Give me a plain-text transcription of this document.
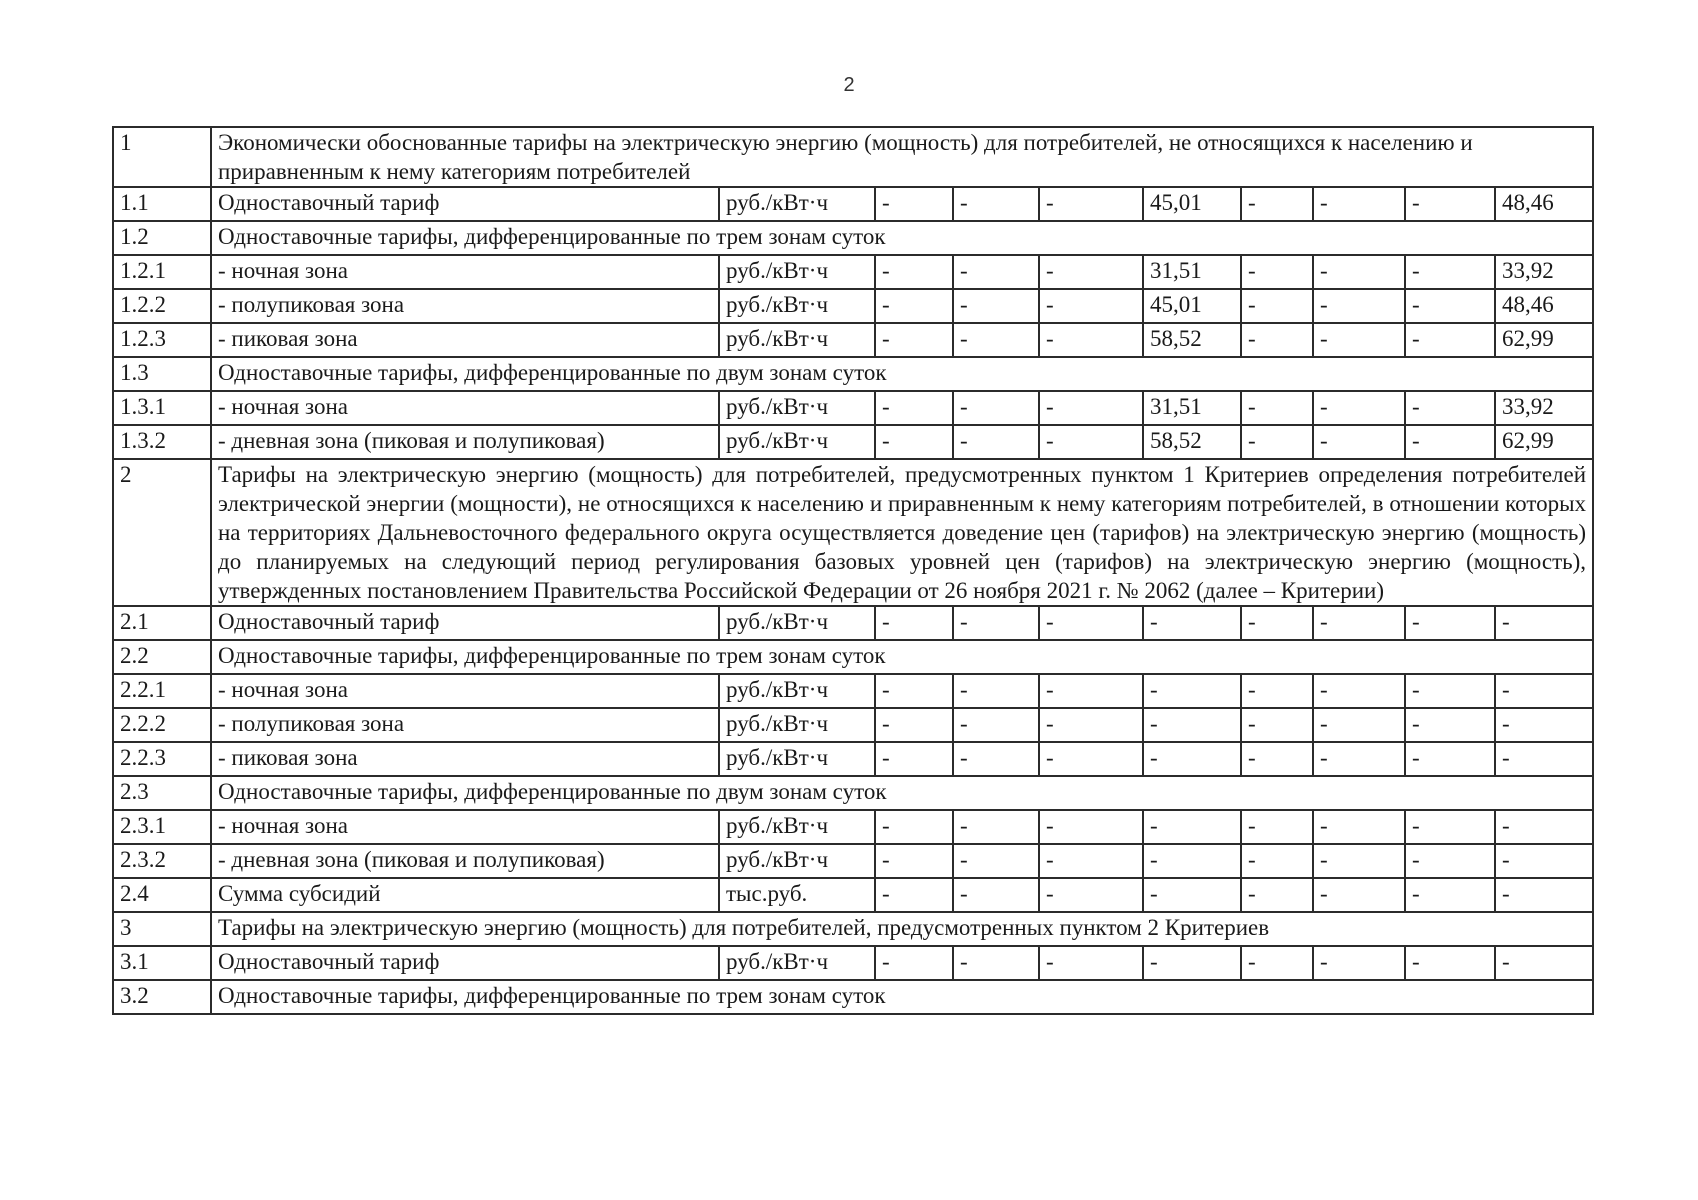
2
1	Экономически обоснованные тарифы на электрическую энергию (мощность) для потребителей, не относящихся к населению и приравненным к нему категориям потребителей									
1.1	Одноставочный тариф	руб./кВт·ч	-	-	-	45,01	-	-	-	48,46
1.2	Одноставочные тарифы, дифференцированные по трем зонам суток									
1.2.1	- ночная зона	руб./кВт·ч	-	-	-	31,51	-	-	-	33,92
1.2.2	- полупиковая зона	руб./кВт·ч	-	-	-	45,01	-	-	-	48,46
1.2.3	- пиковая зона	руб./кВт·ч	-	-	-	58,52	-	-	-	62,99
1.3	Одноставочные тарифы, дифференцированные по двум зонам суток									
1.3.1	- ночная зона	руб./кВт·ч	-	-	-	31,51	-	-	-	33,92
1.3.2	- дневная зона (пиковая и полупиковая)	руб./кВт·ч	-	-	-	58,52	-	-	-	62,99
2	Тарифы на электрическую энергию (мощность) для потребителей, предусмотренных пунктом 1 Критериев определения потребителей электрической энергии (мощности), не относящихся к населению и приравненным к нему категориям потребителей, в отношении которых на территориях Дальневосточного федерального округа осуществляется доведение цен (тарифов) на электрическую энергию (мощность) до планируемых на следующий период регулирования базовых уровней цен (тарифов) на электрическую энергию (мощность), утвержденных постановлением Правительства Российской Федерации от 26 ноября 2021 г. № 2062 (далее – Критерии)									
2.1	Одноставочный тариф	руб./кВт·ч	-	-	-	-	-	-	-	-
2.2	Одноставочные тарифы, дифференцированные по трем зонам суток									
2.2.1	- ночная зона	руб./кВт·ч	-	-	-	-	-	-	-	-
2.2.2	- полупиковая зона	руб./кВт·ч	-	-	-	-	-	-	-	-
2.2.3	- пиковая зона	руб./кВт·ч	-	-	-	-	-	-	-	-
2.3	Одноставочные тарифы, дифференцированные по двум зонам суток									
2.3.1	- ночная зона	руб./кВт·ч	-	-	-	-	-	-	-	-
2.3.2	- дневная зона (пиковая и полупиковая)	руб./кВт·ч	-	-	-	-	-	-	-	-
2.4	Сумма субсидий	тыс.руб.	-	-	-	-	-	-	-	-
3	Тарифы на электрическую энергию (мощность) для потребителей, предусмотренных пунктом 2 Критериев									
3.1	Одноставочный тариф	руб./кВт·ч	-	-	-	-	-	-	-	-
3.2	Одноставочные тарифы, дифференцированные по трем зонам суток									
